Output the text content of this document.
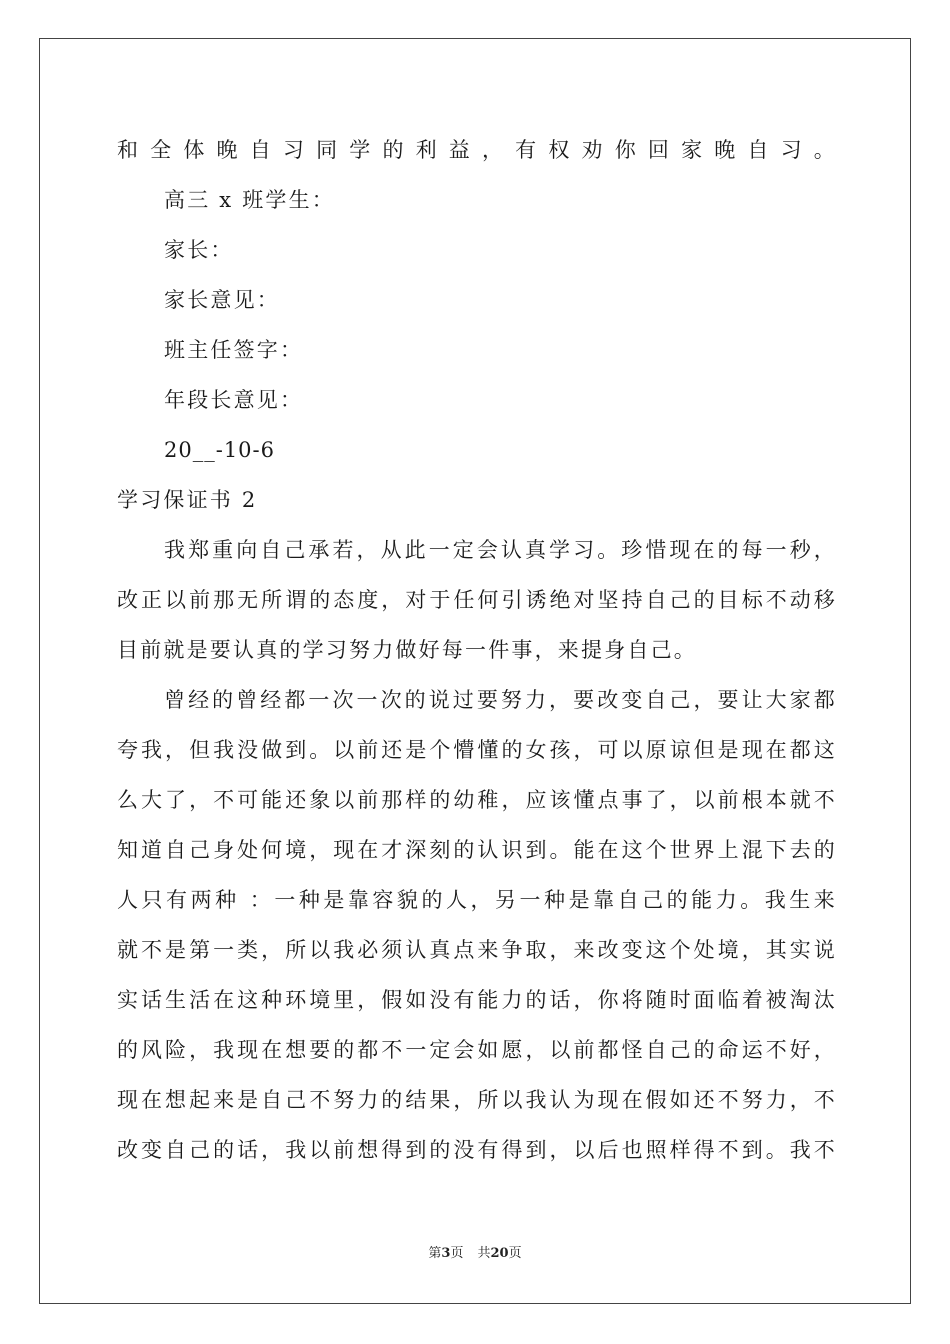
和全体晚自习同学的利益，有权劝你回家晚自习。
高三 x 班学生：
家长：
家长意见：
班主任签字：
年段长意见：
20__-10-6
学习保证书 2
我郑重向自己承若，从此一定会认真学习。珍惜现在的每一秒，
改正以前那无所谓的态度，对于任何引诱绝对坚持自己的目标不动移
目前就是要认真的学习努力做好每一件事，来提身自己。
曾经的曾经都一次一次的说过要努力，要改变自己，要让大家都
夸我，但我没做到。以前还是个懵懂的女孩，可以原谅但是现在都这
么大了，不可能还象以前那样的幼稚，应该懂点事了，以前根本就不
知道自己身处何境，现在才深刻的认识到。能在这个世界上混下去的
人只有两种 ：一种是靠容貌的人，另一种是靠自己的能力。我生来
就不是第一类，所以我必须认真点来争取，来改变这个处境，其实说
实话生活在这种环境里，假如没有能力的话，你将随时面临着被淘汰
的风险，我现在想要的都不一定会如愿，以前都怪自己的命运不好，
现在想起来是自己不努力的结果，所以我认为现在假如还不努力，不
改变自己的话，我以前想得到的没有得到，以后也照样得不到。我不
第3页 共20页
